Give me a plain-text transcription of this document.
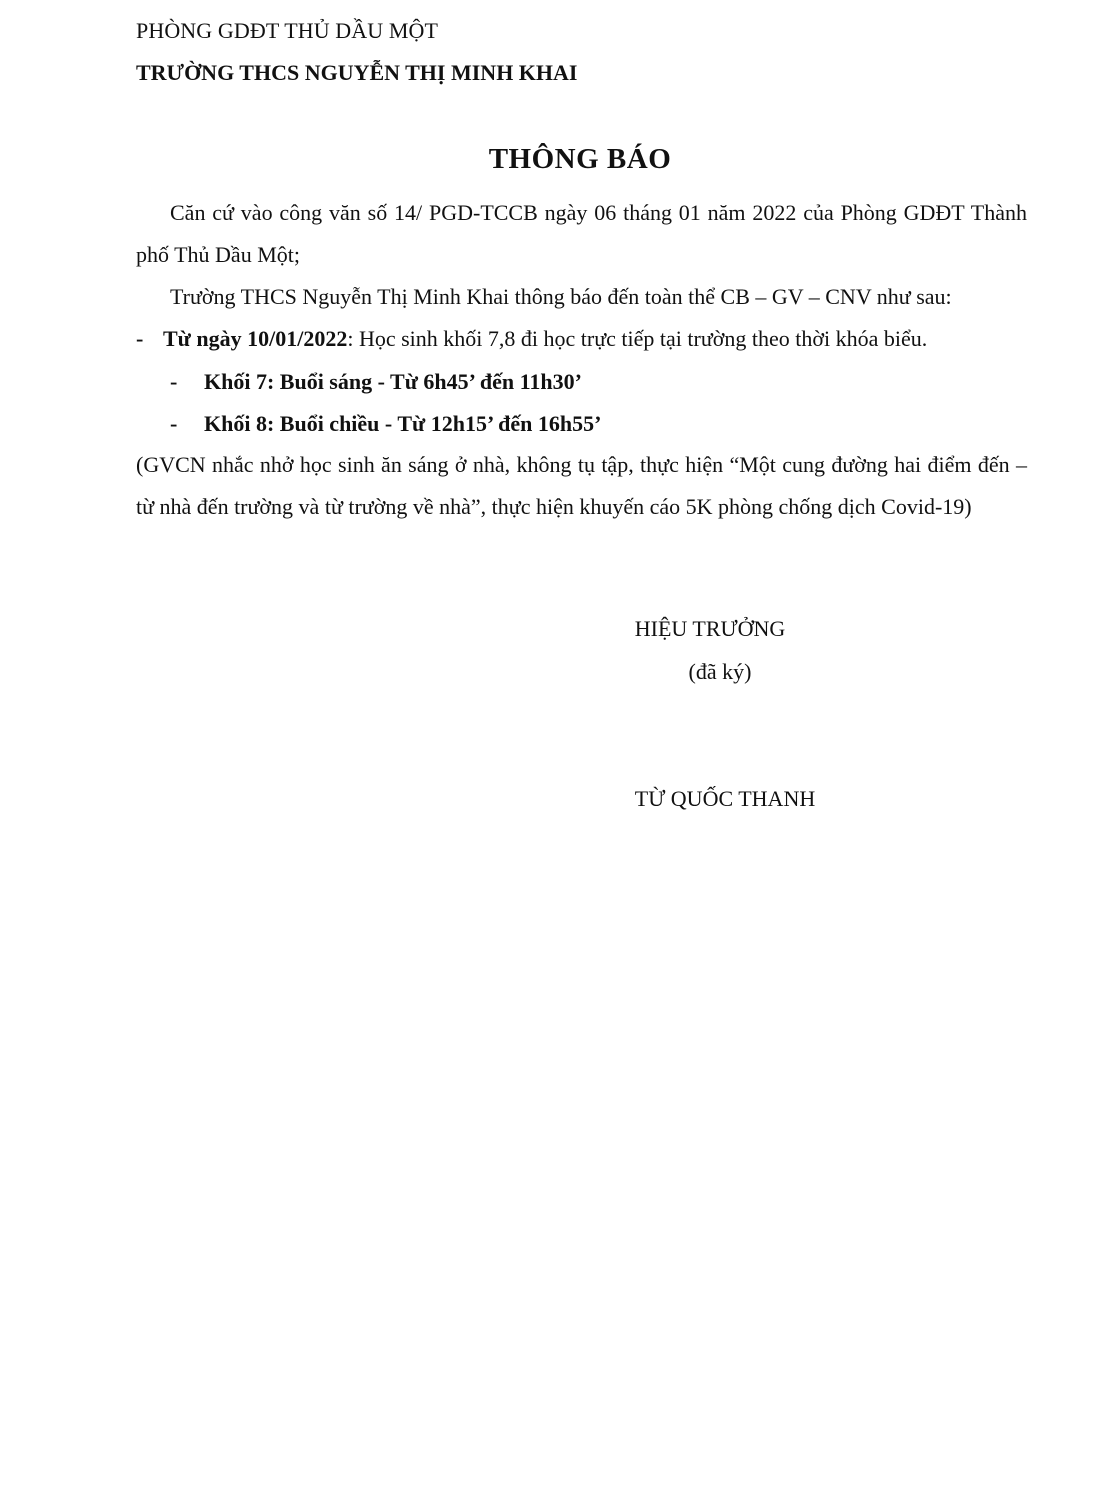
PHÒNG GDĐT THỦ DẦU MỘT
TRƯỜNG THCS NGUYỄN THỊ MINH KHAI
THÔNG BÁO
Căn cứ vào công văn số 14/ PGD-TCCB ngày 06 tháng 01 năm 2022 của Phòng GDĐT Thành phố Thủ Dầu Một;
Trường THCS Nguyễn Thị Minh Khai thông báo đến toàn thể CB – GV – CNV như sau:
- Từ ngày 10/01/2022: Học sinh khối 7,8 đi học trực tiếp tại trường theo thời khóa biểu.
- Khối 7: Buổi sáng - Từ 6h45’ đến 11h30’
- Khối 8: Buổi chiều - Từ 12h15’ đến 16h55’
(GVCN nhắc nhở học sinh ăn sáng ở nhà, không tụ tập, thực hiện “Một cung đường hai điểm đến – từ nhà đến trường và từ trường về nhà”, thực hiện khuyến cáo 5K phòng chống dịch Covid-19)
HIỆU TRƯỞNG
(đã ký)
TỪ QUỐC THANH
